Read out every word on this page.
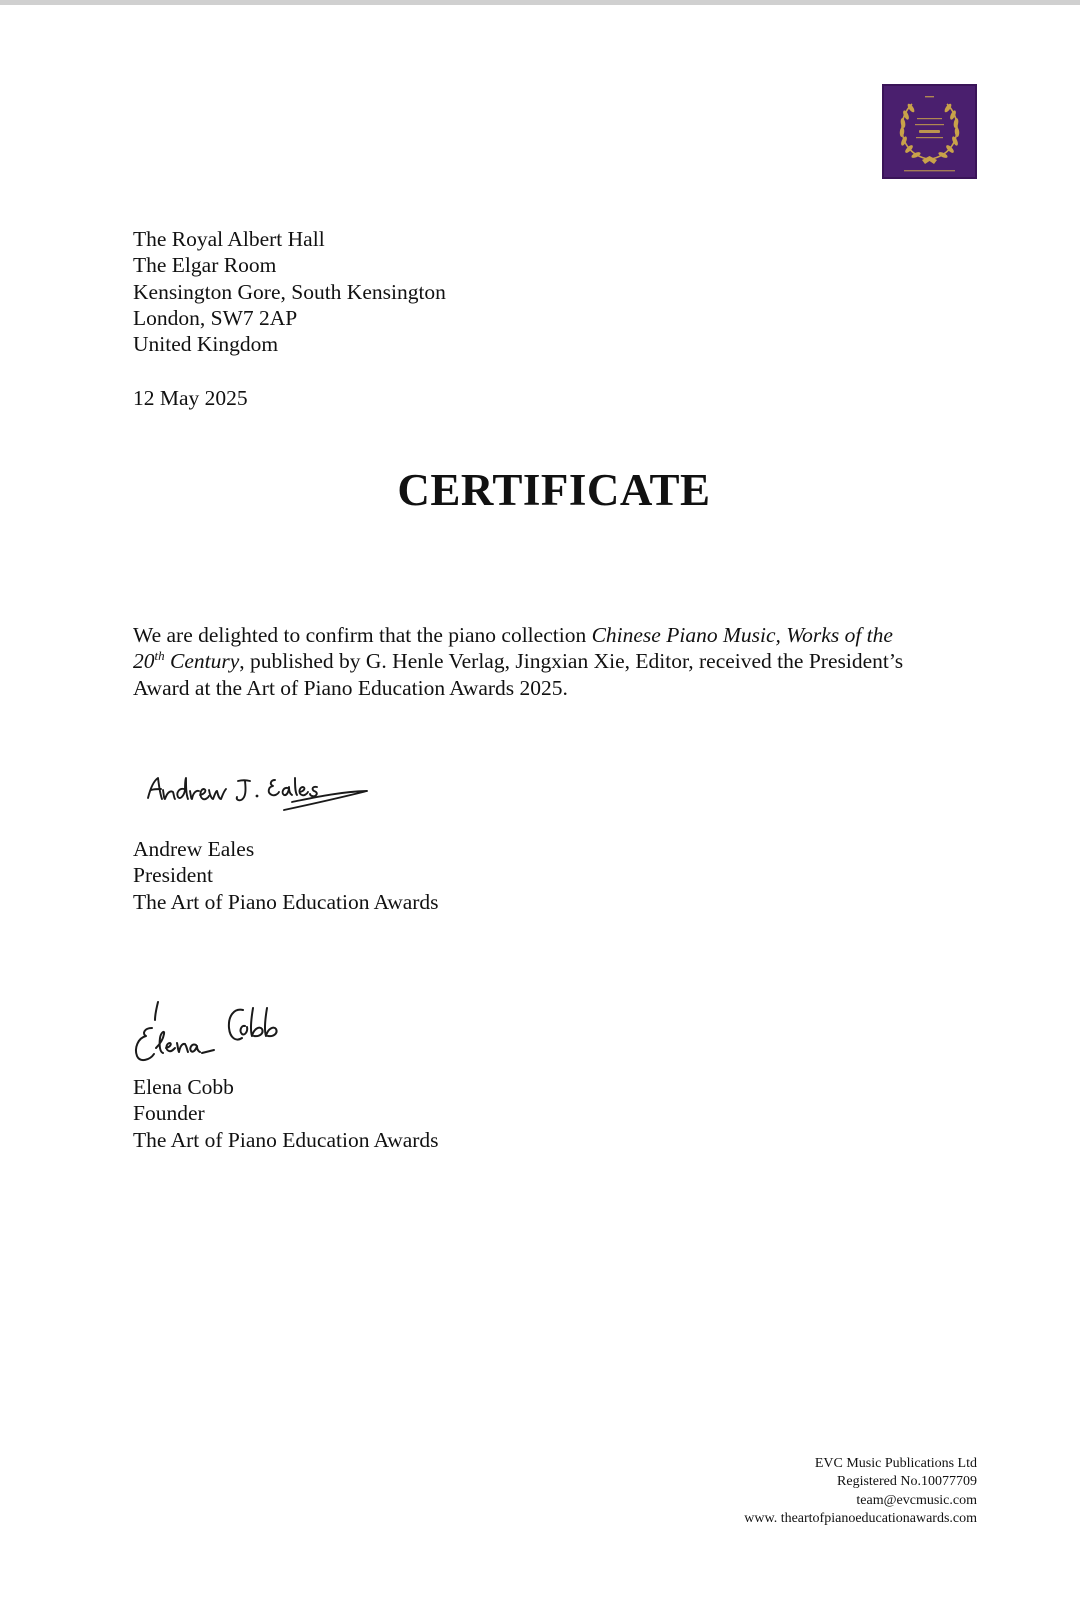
The Royal Albert Hall
The Elgar Room
Kensington Gore, South Kensington
London, SW7 2AP
United Kingdom
12 May 2025
CERTIFICATE
We are delighted to confirm that the piano collection Chinese Piano Music, Works of the
20th Century, published by G. Henle Verlag, Jingxian Xie, Editor, received the President’s
Award at the Art of Piano Education Awards 2025.
Andrew Eales
President
The Art of Piano Education Awards
Elena Cobb
Founder
The Art of Piano Education Awards
EVC Music Publications Ltd
Registered No.10077709
team@evcmusic.com
www. theartofpianoeducationawards.com
